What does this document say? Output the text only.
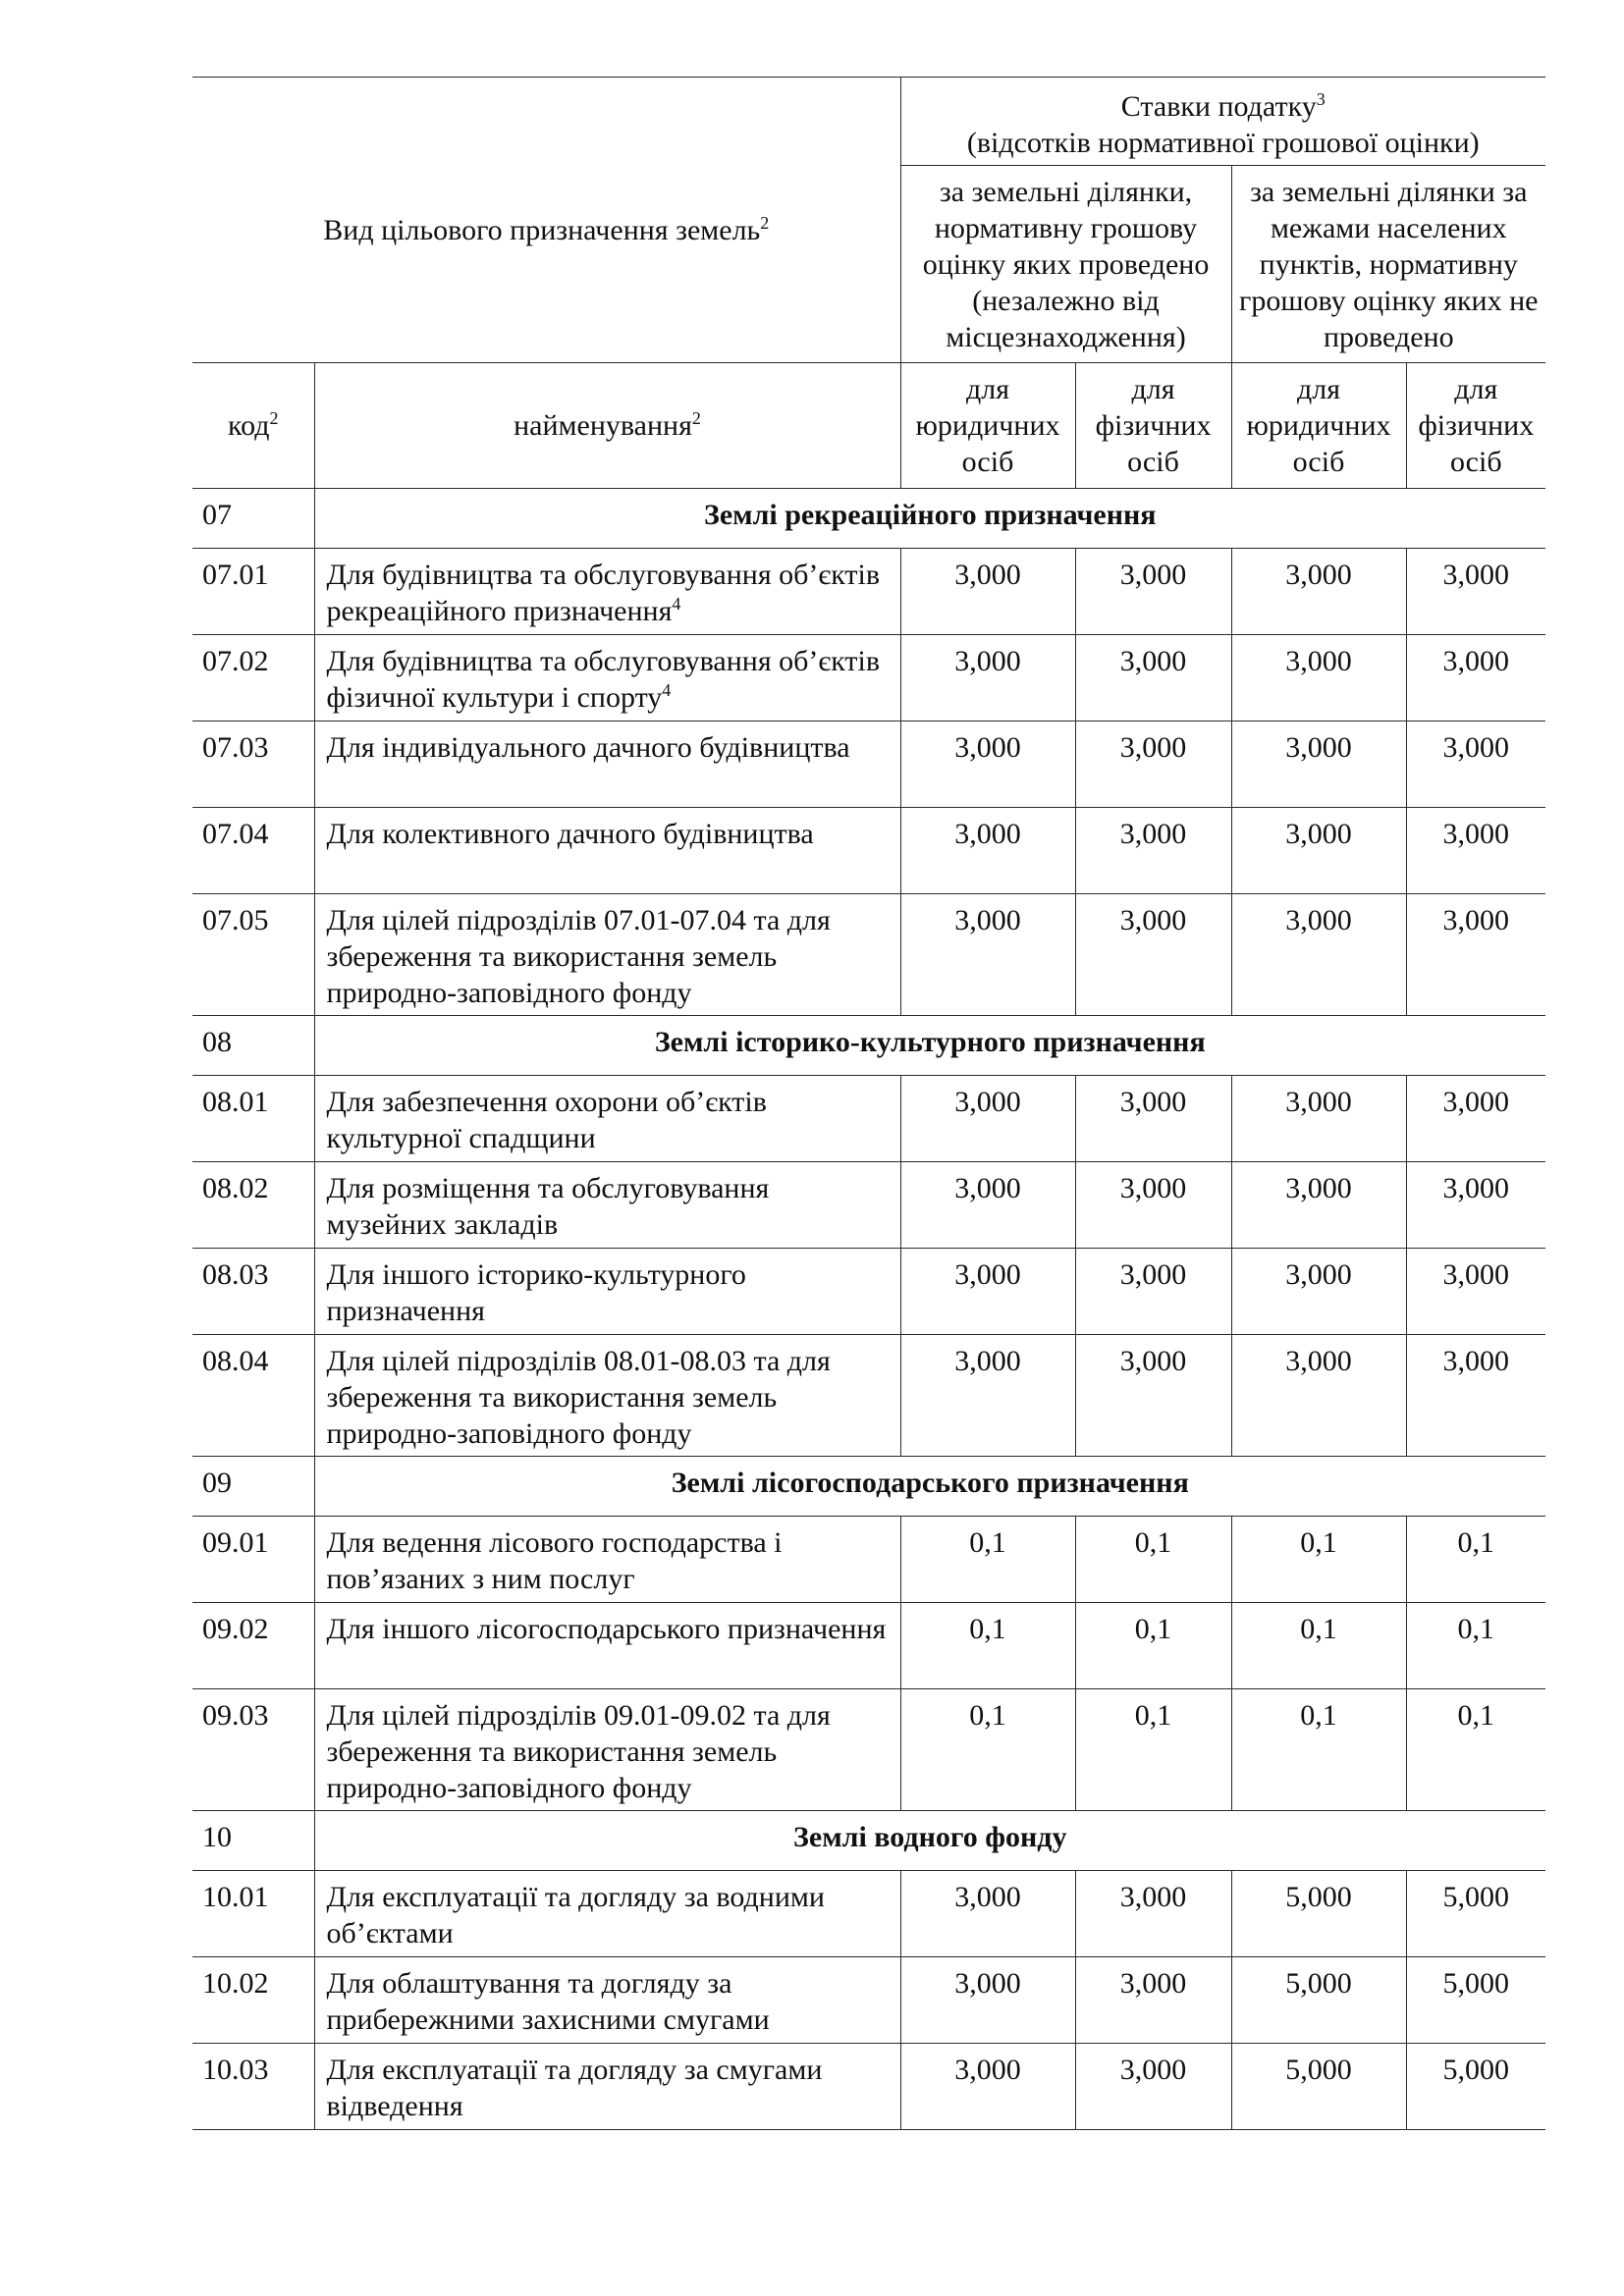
Вид цільового призначення земель$^2$		Ставки податку$^3$
(відсотків нормативної грошової оцінки)			
		за земельні ділянки, нормативну грошову оцінку яких проведено (незалежно від місцезнаходження)		за земельні ділянки за межами населених пунктів, нормативну грошову оцінку яких не проведено	
код$^2$	найменування$^2$	для юридичних осіб	для фізичних осіб	для юридичних осіб	для фізичних осіб
07	Землі рекреаційного призначення				
07.01	Для будівництва та обслуговування об’єктів рекреаційного призначення$^4$	3,000	3,000	3,000	3,000
07.02	Для будівництва та обслуговування об’єктів фізичної культури і спорту$^4$	3,000	3,000	3,000	3,000
07.03	Для індивідуального дачного будівництва	3,000	3,000	3,000	3,000
07.04	Для колективного дачного будівництва	3,000	3,000	3,000	3,000
07.05	Для цілей підрозділів 07.01-07.04 та для збереження та використання земель природно-заповідного фонду	3,000	3,000	3,000	3,000
08	Землі історико-культурного призначення				
08.01	Для забезпечення охорони об’єктів культурної спадщини	3,000	3,000	3,000	3,000
08.02	Для розміщення та обслуговування музейних закладів	3,000	3,000	3,000	3,000
08.03	Для іншого історико-культурного призначення	3,000	3,000	3,000	3,000
08.04	Для цілей підрозділів 08.01-08.03 та для збереження та використання земель природно-заповідного фонду	3,000	3,000	3,000	3,000
09	Землі лісогосподарського призначення				
09.01	Для ведення лісового господарства і пов’язаних з ним послуг	0,1	0,1	0,1	0,1
09.02	Для іншого лісогосподарського призначення	0,1	0,1	0,1	0,1
09.03	Для цілей підрозділів 09.01-09.02 та для збереження та використання земель природно-заповідного фонду	0,1	0,1	0,1	0,1
10	Землі водного фонду				
10.01	Для експлуатації та догляду за водними об’єктами	3,000	3,000	5,000	5,000
10.02	Для облаштування та догляду за прибережними захисними смугами	3,000	3,000	5,000	5,000
10.03	Для експлуатації та догляду за смугами відведення	3,000	3,000	5,000	5,000
